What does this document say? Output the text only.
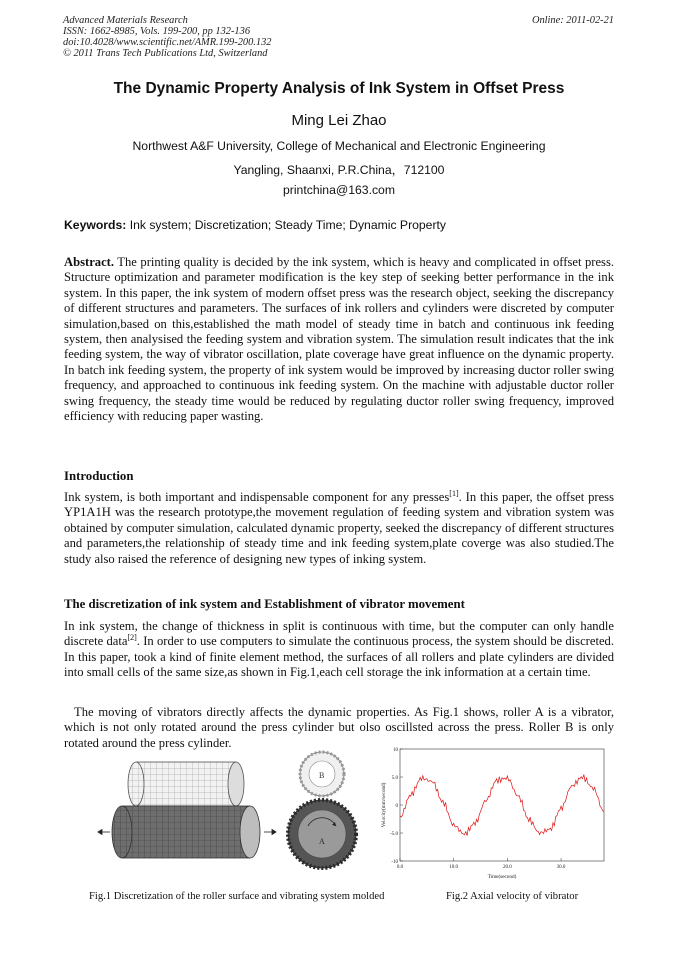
Advanced Materials Research
ISSN: 1662-8985, Vols. 199-200, pp 132-136
doi:10.4028/www.scientific.net/AMR.199-200.132
© 2011 Trans Tech Publications Ltd, Switzerland
Online: 2011-02-21
The Dynamic Property Analysis of Ink System in Offset Press
Ming Lei Zhao
Northwest A&F University, College of Mechanical and Electronic Engineering
Yangling, Shaanxi, P.R.China，712100
printchina@163.com
Keywords: Ink system; Discretization; Steady Time; Dynamic Property
Abstract. The printing quality is decided by the ink system, which is heavy and complicated in offset press. Structure optimization and parameter modification is the key step of seeking better performance in the ink system. In this paper, the ink system of modern offset press was the research object, seeking the discrepancy of different structures and parameters. The surfaces of ink rollers and cylinders were discreted by computer simulation,based on this,established the math model of steady time in batch and continuous ink feeding system, then analysised the feeding system and vibration system. The simulation result indicates that the ink feeding system, the way of vibrator oscillation, plate coverage have great influence on the dynamic property. In batch ink feeding system, the property of ink system would be improved by increasing ductor roller swing frequency, and approached to continuous ink feeding system. On the machine with adjustable ductor roller swing frequency, the steady time would be reduced by regulating ductor roller swing frequency, improved efficiency with reducing paper wasting.
Introduction
Ink system, is both important and indispensable component for any presses[1]. In this paper, the offset press YP1A1H was the research prototype,the movement regulation of feeding system and vibration system was obtained by computer simulation, calculated dynamic property, seeked the discrepancy of different structures and parameters,the relationship of steady time and ink feeding system,plate coverge was also studied.The study also raised the reference of designing new types of inking system.
The discretization of ink system and Establishment of vibrator movement
In ink system, the change of thickness in split is continuous with time, but the computer can only handle discrete data[2]. In order to use computers to simulate the continuous process, the system should be discreted. In this paper, took a kind of finite element method, the surfaces of all rollers and plate cylinders are divided into small cells of the same size,as shown in Fig.1,each cell storage the ink information at a certain time.
The moving of vibrators directly affects the dynamic properties. As Fig.1 shows, roller A is a vibrator, which is not only rotated around the press cylinder but olso oscillsted across the press. Roller B is only rotated around the press cylinder.
B
A
Velocity(mm/second)
Time(second)
10
5.0
0
-5.0
-10
0.0	10.0	20.0	30.0
Fig.1 Discretization of the roller surface and vibrating system molded	Fig.2 Axial velocity of vibrator
